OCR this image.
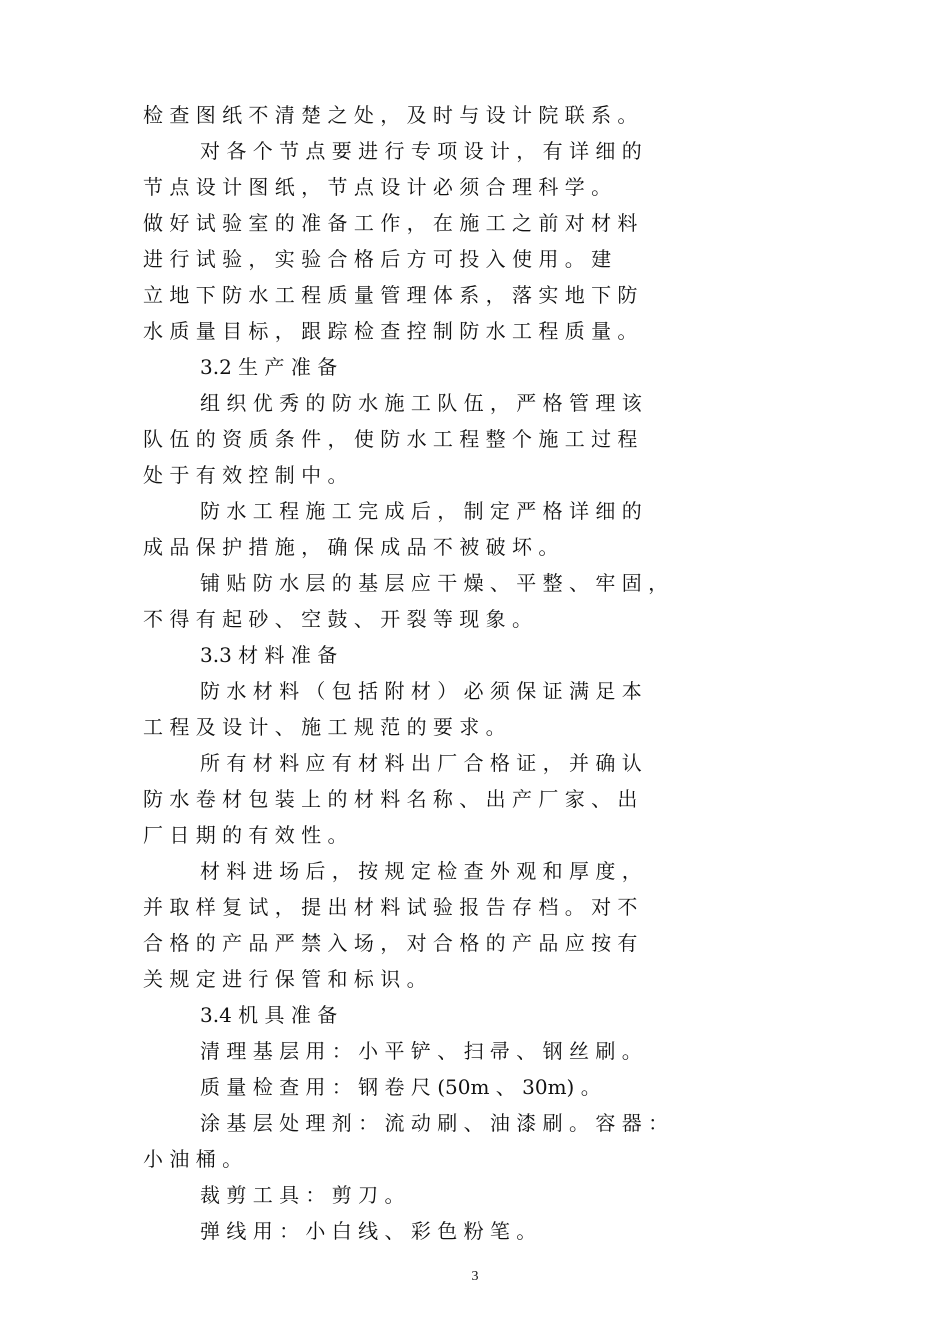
检 查 图 纸 不 清 楚 之 处 ， 及 时 与 设 计 院 联 系 。
对 各 个 节 点 要 进 行 专 项 设 计 ， 有 详 细 的
节 点 设 计 图 纸 ， 节 点 设 计 必 须 合 理 科 学 。
做 好 试 验 室 的 准 备 工 作 ， 在 施 工 之 前 对 材 料
进 行 试 验 ， 实 验 合 格 后 方 可 投 入 使 用 。 建
立 地 下 防 水 工 程 质 量 管 理 体 系 ， 落 实 地 下 防
水 质 量 目 标 ， 跟 踪 检 查 控 制 防 水 工 程 质 量 。
3.2 生 产 准 备
组 织 优 秀 的 防 水 施 工 队 伍 ， 严 格 管 理 该
队 伍 的 资 质 条 件 ， 使 防 水 工 程 整 个 施 工 过 程
处 于 有 效 控 制 中 。
防 水 工 程 施 工 完 成 后 ， 制 定 严 格 详 细 的
成 品 保 护 措 施 ， 确 保 成 品 不 被 破 坏 。
铺 贴 防 水 层 的 基 层 应 干 燥 、 平 整 、 牢 固 ，
不 得 有 起 砂 、 空 鼓 、 开 裂 等 现 象 。
3.3 材 料 准 备
防 水 材 料 （ 包 括 附 材 ） 必 须 保 证 满 足 本
工 程 及 设 计 、 施 工 规 范 的 要 求 。
所 有 材 料 应 有 材 料 出 厂 合 格 证 ， 并 确 认
防 水 卷 材 包 装 上 的 材 料 名 称 、 出 产 厂 家 、 出
厂 日 期 的 有 效 性 。
材 料 进 场 后 ， 按 规 定 检 查 外 观 和 厚 度 ，
并 取 样 复 试 ， 提 出 材 料 试 验 报 告 存 档 。 对 不
合 格 的 产 品 严 禁 入 场 ， 对 合 格 的 产 品 应 按 有
关 规 定 进 行 保 管 和 标 识 。
3.4 机 具 准 备
清 理 基 层 用 ： 小 平 铲 、 扫 帚 、 钢 丝 刷 。
质 量 检 查 用 ： 钢 卷 尺 (50m 、 30m) 。
涂 基 层 处 理 剂 ： 流 动 刷 、 油 漆 刷 。 容 器 ：
小 油 桶 。
裁 剪 工 具 ： 剪 刀 。
弹 线 用 ： 小 白 线 、 彩 色 粉 笔 。
3
